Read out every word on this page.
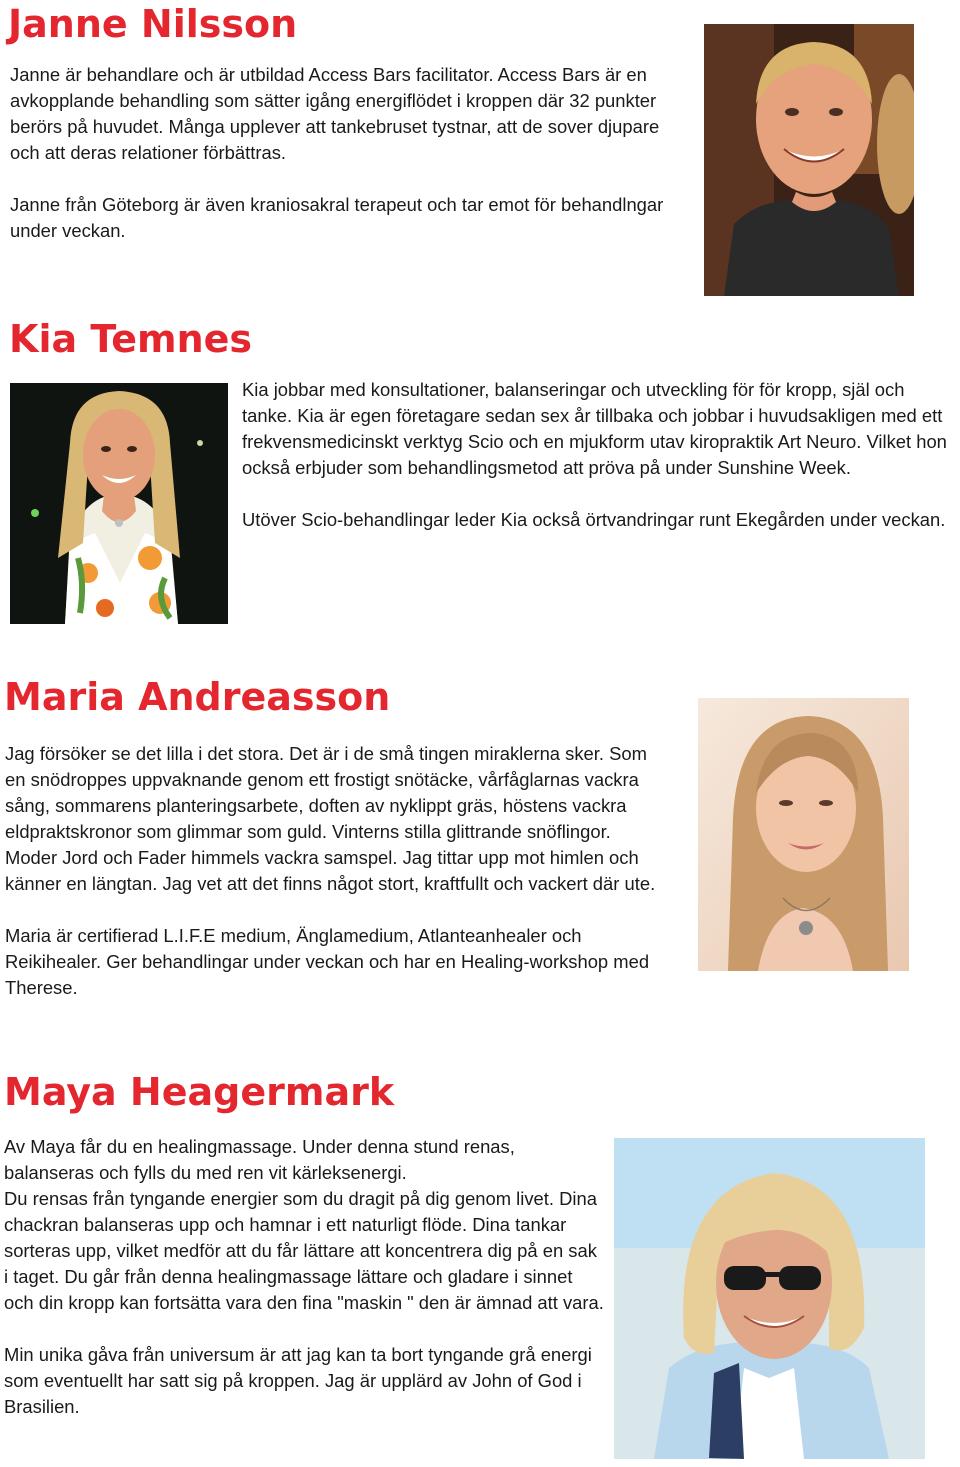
Janne Nilsson

Janne är behandlare och är utbildad Access Bars facilitator. Access Bars är en avkopplande behandling som sätter igång energiflödet i kroppen där 32 punkter berörs på huvudet. Många upplever att tankebruset tystnar, att de sover djupare och att deras relationer förbättras.

Janne från Göteborg är även kraniosakral terapeut och tar emot för behandlngar under veckan.

Kia Temnes

Kia jobbar med konsultationer, balanseringar och utveckling för för kropp, själ och tanke. Kia är egen företagare sedan sex år tillbaka och jobbar i huvudsakligen med ett frekvensmedicinskt verktyg Scio och en mjukform utav kiropraktik Art Neuro. Vilket hon också erbjuder som behandlingsmetod att pröva på under Sunshine Week.

Utöver Scio-behandlingar leder Kia också örtvandringar runt Ekegården under veckan.

Maria Andreasson

Jag försöker se det lilla i det stora. Det är i de små tingen miraklerna sker. Som en snödroppes uppvaknande genom ett frostigt snötäcke, vårfåglarnas vackra sång, sommarens planteringsarbete, doften av nyklippt gräs, höstens vackra eldpraktskronor som glimmar som guld. Vinterns stilla glittrande snöflingor. Moder Jord och Fader himmels vackra samspel. Jag tittar upp mot himlen och känner en längtan. Jag vet att det finns något stort, kraftfullt och vackert där ute.

Maria är certifierad L.I.F.E medium, Änglamedium, Atlanteanhealer och Reikihealer. Ger behandlingar under veckan och har en Healing-workshop med Therese.

Maya Heagermark

Av Maya får du en healingmassage. Under denna stund renas, balanseras och fylls du med ren vit kärleksenergi.

Du rensas från tyngande energier som du dragit på dig genom livet. Dina chackran balanseras upp och hamnar i ett naturligt flöde. Dina tankar sorteras upp, vilket medför att du får lättare att koncentrera dig på en sak i taget. Du går från denna healingmassage lättare och gladare i sinnet och din kropp kan fortsätta vara den fina "maskin " den är ämnad att vara.

Min unika gåva från universum är att jag kan ta bort tyngande grå energi som eventuellt har satt sig på kroppen. Jag är upplärd av John of God i Brasilien.
